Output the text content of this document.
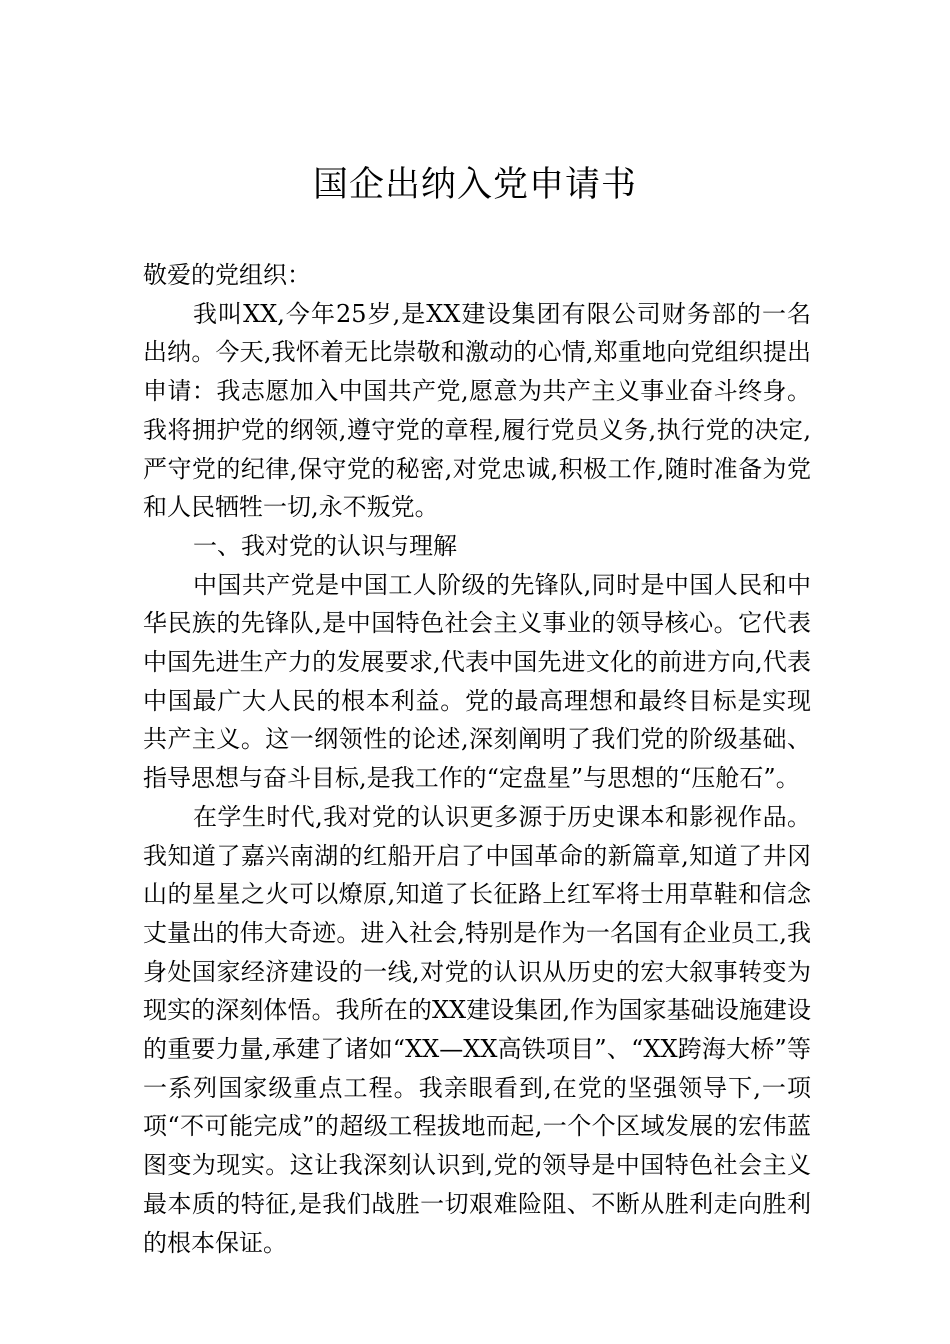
国企出纳入党申请书

敬爱的党组织：

我叫XX,今年25岁,是XX建设集团有限公司财务部的一名出纳。今天,我怀着无比崇敬和激动的心情,郑重地向党组织提出申请：我志愿加入中国共产党,愿意为共产主义事业奋斗终身。我将拥护党的纲领,遵守党的章程,履行党员义务,执行党的决定,严守党的纪律,保守党的秘密,对党忠诚,积极工作,随时准备为党和人民牺牲一切,永不叛党。

一、我对党的认识与理解

中国共产党是中国工人阶级的先锋队,同时是中国人民和中华民族的先锋队,是中国特色社会主义事业的领导核心。它代表中国先进生产力的发展要求,代表中国先进文化的前进方向,代表中国最广大人民的根本利益。党的最高理想和最终目标是实现共产主义。这一纲领性的论述,深刻阐明了我们党的阶级基础、指导思想与奋斗目标,是我工作的“定盘星”与思想的“压舱石”。

在学生时代,我对党的认识更多源于历史课本和影视作品。我知道了嘉兴南湖的红船开启了中国革命的新篇章,知道了井冈山的星星之火可以燎原,知道了长征路上红军将士用草鞋和信念丈量出的伟大奇迹。进入社会,特别是作为一名国有企业员工,我身处国家经济建设的一线,对党的认识从历史的宏大叙事转变为现实的深刻体悟。我所在的XX建设集团,作为国家基础设施建设的重要力量,承建了诸如“XX—XX高铁项目”、“XX跨海大桥”等一系列国家级重点工程。我亲眼看到,在党的坚强领导下,一项项“不可能完成”的超级工程拔地而起,一个个区域发展的宏伟蓝图变为现实。这让我深刻认识到,党的领导是中国特色社会主义最本质的特征,是我们战胜一切艰难险阻、不断从胜利走向胜利的根本保证。
